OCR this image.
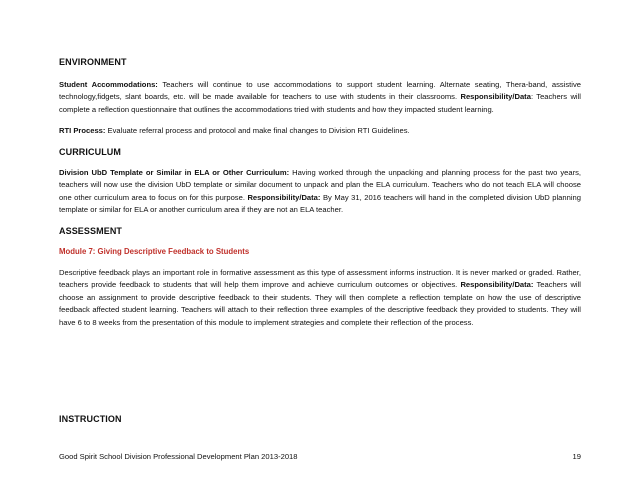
ENVIRONMENT

Student Accommodations: Teachers will continue to use accommodations to support student learning. Alternate seating, Thera-band, assistive technology,fidgets, slant boards, etc. will be made available for teachers to use with students in their classrooms. Responsibility/Data: Teachers will complete a reflection questionnaire that outlines the accommodations tried with students and how they impacted student learning.

RTI Process: Evaluate referral process and protocol and make final changes to Division RTI Guidelines.

CURRICULUM

Division UbD Template or Similar in ELA or Other Curriculum: Having worked through the unpacking and planning process for the past two years, teachers will now use the division UbD template or similar document to unpack and plan the ELA curriculum. Teachers who do not teach ELA will choose one other curriculum area to focus on for this purpose. Responsibility/Data: By May 31, 2016 teachers will hand in the completed division UbD planning template or similar for ELA or another curriculum area if they are not an ELA teacher.

ASSESSMENT
Module 7: Giving Descriptive Feedback to Students

Descriptive feedback plays an important role in formative assessment as this type of assessment informs instruction. It is never marked or graded. Rather, teachers provide feedback to students that will help them improve and achieve curriculum outcomes or objectives. Responsibility/Data: Teachers will choose an assignment to provide descriptive feedback to their students. They will then complete a reflection template on how the use of descriptive feedback affected student learning. Teachers will attach to their reflection three examples of the descriptive feedback they provided to students. They will have 6 to 8 weeks from the presentation of this module to implement strategies and complete their reflection of the process.

INSTRUCTION
Good Spirit School Division Professional Development Plan 2013-2018	19
